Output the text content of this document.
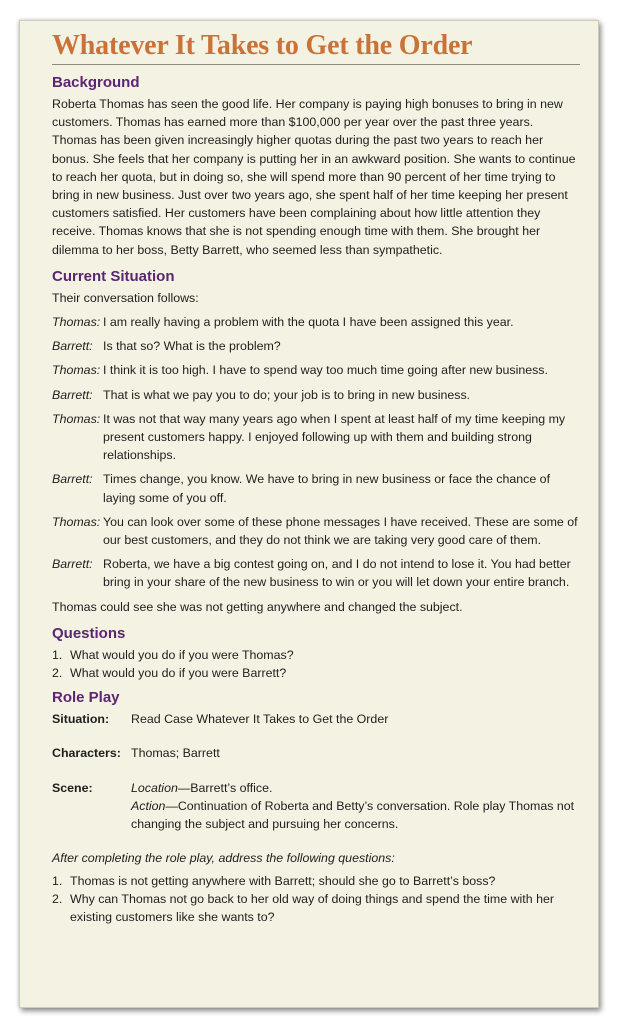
Whatever It Takes to Get the Order
Background

Roberta Thomas has seen the good life. Her company is paying high bonuses to bring in new customers. Thomas has earned more than $100,000 per year over the past three years. Thomas has been given increasingly higher quotas during the past two years to reach her bonus. She feels that her company is putting her in an awkward position. She wants to continue to reach her quota, but in doing so, she will spend more than 90 percent of her time trying to bring in new business. Just over two years ago, she spent half of her time keeping her present customers satisfied. Her customers have been complaining about how little attention they receive. Thomas knows that she is not spending enough time with them. She brought her dilemma to her boss, Betty Barrett, who seemed less than sympathetic.

Current Situation

Their conversation follows:

Thomas: I am really having a problem with the quota I have been assigned this year.
Barrett: Is that so? What is the problem?
Thomas: I think it is too high. I have to spend way too much time going after new business.
Barrett: That is what we pay you to do; your job is to bring in new business.
Thomas: It was not that way many years ago when I spent at least half of my time keeping my present customers happy. I enjoyed following up with them and building strong relationships.
Barrett: Times change, you know. We have to bring in new business or face the chance of laying some of you off.
Thomas: You can look over some of these phone messages I have received. These are some of our best customers, and they do not think we are taking very good care of them.
Barrett: Roberta, we have a big contest going on, and I do not intend to lose it. You had better bring in your share of the new business to win or you will let down your entire branch.

Thomas could see she was not getting anywhere and changed the subject.

Questions
1. What would you do if you were Thomas?
2. What would you do if you were Barrett?
Role Play
Situation:	Read Case Whatever It Takes to Get the Order
Characters: Thomas; Barrett
Scene:	Location—Barrett’s office.
Action—Continuation of Roberta and Betty’s conversation. Role play Thomas not changing the subject and pursuing her concerns.

After completing the role play, address the following questions:

1. Thomas is not getting anywhere with Barrett; should she go to Barrett’s boss?
2. Why can Thomas not go back to her old way of doing things and spend the time with her existing customers like she wants to?
